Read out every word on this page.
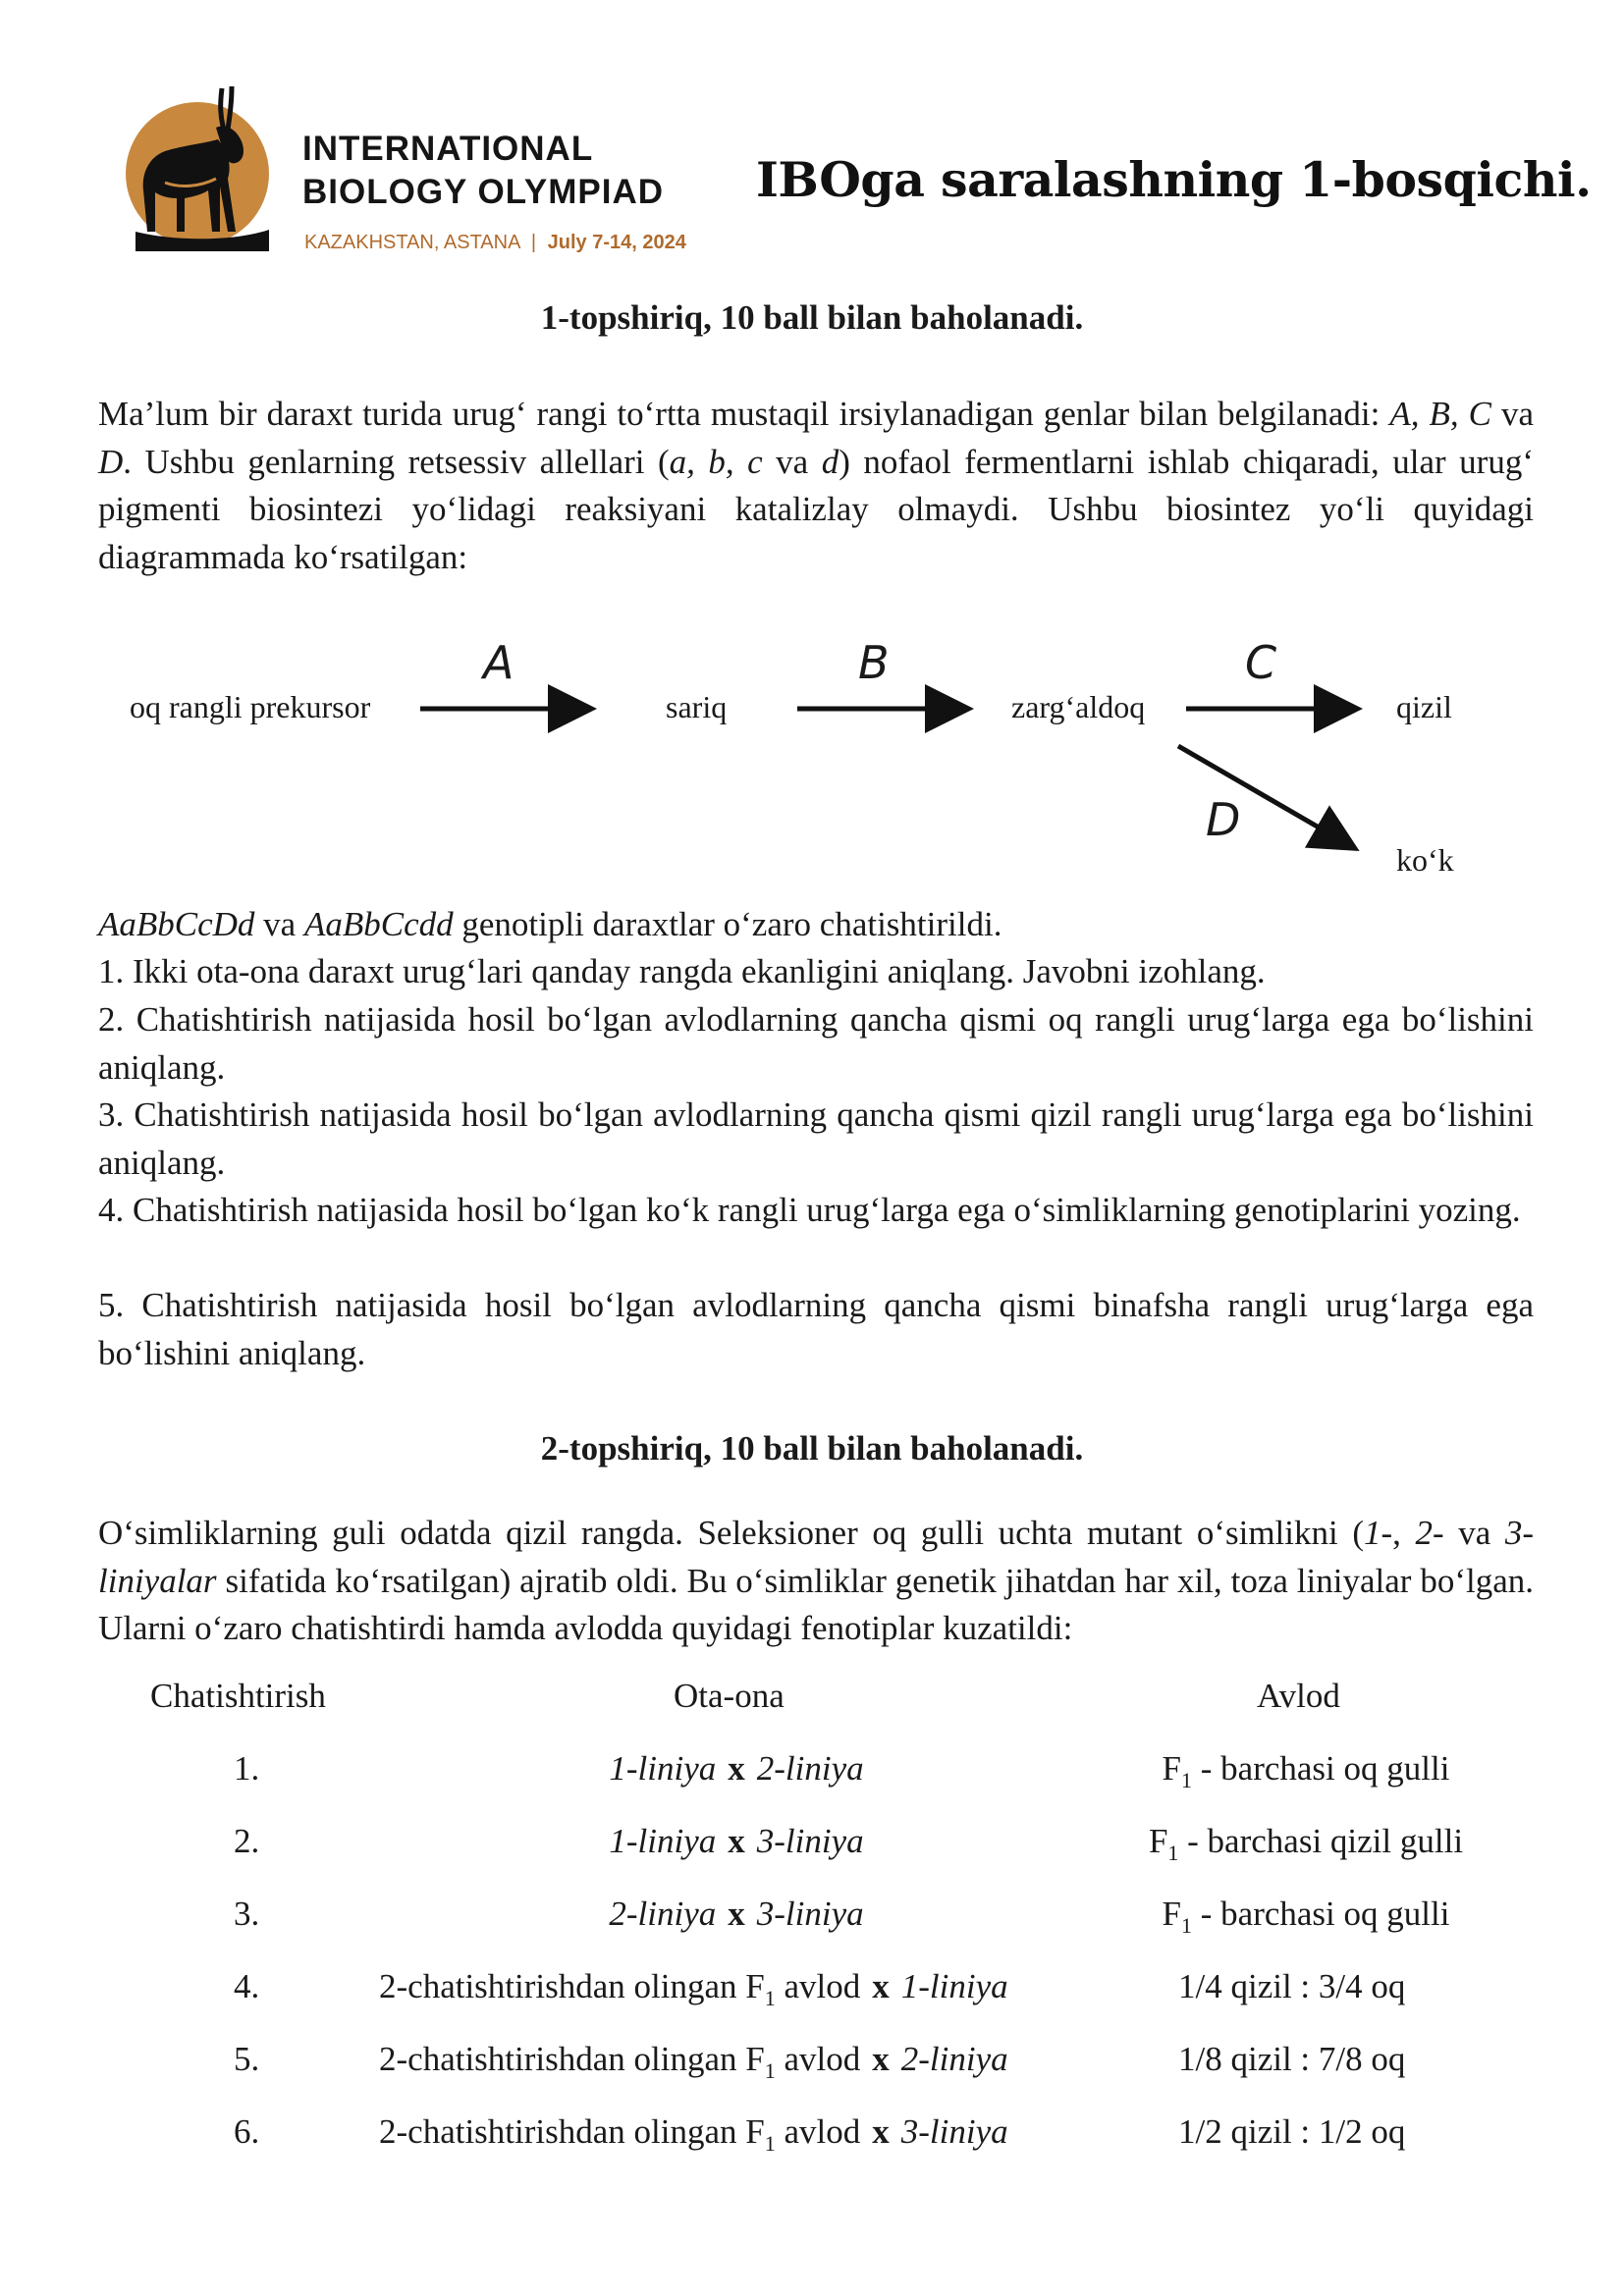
INTERNATIONAL
BIOLOGY OLYMPIAD
KAZAKHSTAN, ASTANA | July 7-14, 2024
IBOga saralashning 1-bosqichi.
1-topshiriq, 10 ball bilan baholanadi.

Ma’lum bir daraxt turida urug‘ rangi to‘rtta mustaqil irsiylanadigan genlar bilan belgilanadi: A, B, C va D. Ushbu genlarning retsessiv allellari (a, b, c va d) nofaol fermentlarni ishlab chiqaradi, ular urug‘ pigmenti biosintezi yo‘lidagi reaksiyani katalizlay olmaydi. Ushbu biosintez yo‘li quyidagi diagrammada ko‘rsatilgan:

oq rangli prekursor	sariq	zarg‘aldoq	qizil
ko‘k
A	B	C
D
AaBbCcDd va AaBbCcdd genotipli daraxtlar o‘zaro chatishtirildi.

1. Ikki ota-ona daraxt urug‘lari qanday rangda ekanligini aniqlang. Javobni izohlang.

2. Chatishtirish natijasida hosil bo‘lgan avlodlarning qancha qismi oq rangli urug‘larga ega bo‘lishini aniqlang.

3. Chatishtirish natijasida hosil bo‘lgan avlodlarning qancha qismi qizil rangli urug‘larga ega bo‘lishini aniqlang.

4. Chatishtirish natijasida hosil bo‘lgan ko‘k rangli urug‘larga ega o‘simliklarning genotiplarini yozing.

5. Chatishtirish natijasida hosil bo‘lgan avlodlarning qancha qismi binafsha rangli urug‘larga ega bo‘lishini aniqlang.

2-topshiriq, 10 ball bilan baholanadi.

O‘simliklarning guli odatda qizil rangda. Seleksioner oq gulli uchta mutant o‘simlikni (1-, 2- va 3-liniyalar sifatida ko‘rsatilgan) ajratib oldi. Bu o‘simliklar genetik jihatdan har xil, toza liniyalar bo‘lgan. Ularni o‘zaro chatishtirdi hamda avlodda quyidagi fenotiplar kuzatildi:

Chatishtirish	Ota-ona	Avlod
1.	1-liniya x 2-liniya	$F_1$ - barchasi oq gulli
2.	1-liniya x 3-liniya	$F_1$ - barchasi qizil gulli
3.	2-liniya x 3-liniya	$F_1$ - barchasi oq gulli
4.	2-chatishtirishdan olingan $F_1$ avlod x 1-liniya	1/4 qizil : 3/4 oq
5.	2-chatishtirishdan olingan $F_1$ avlod x 2-liniya	1/8 qizil : 7/8 oq
6.	2-chatishtirishdan olingan $F_1$ avlod x 3-liniya	1/2 qizil : 1/2 oq
